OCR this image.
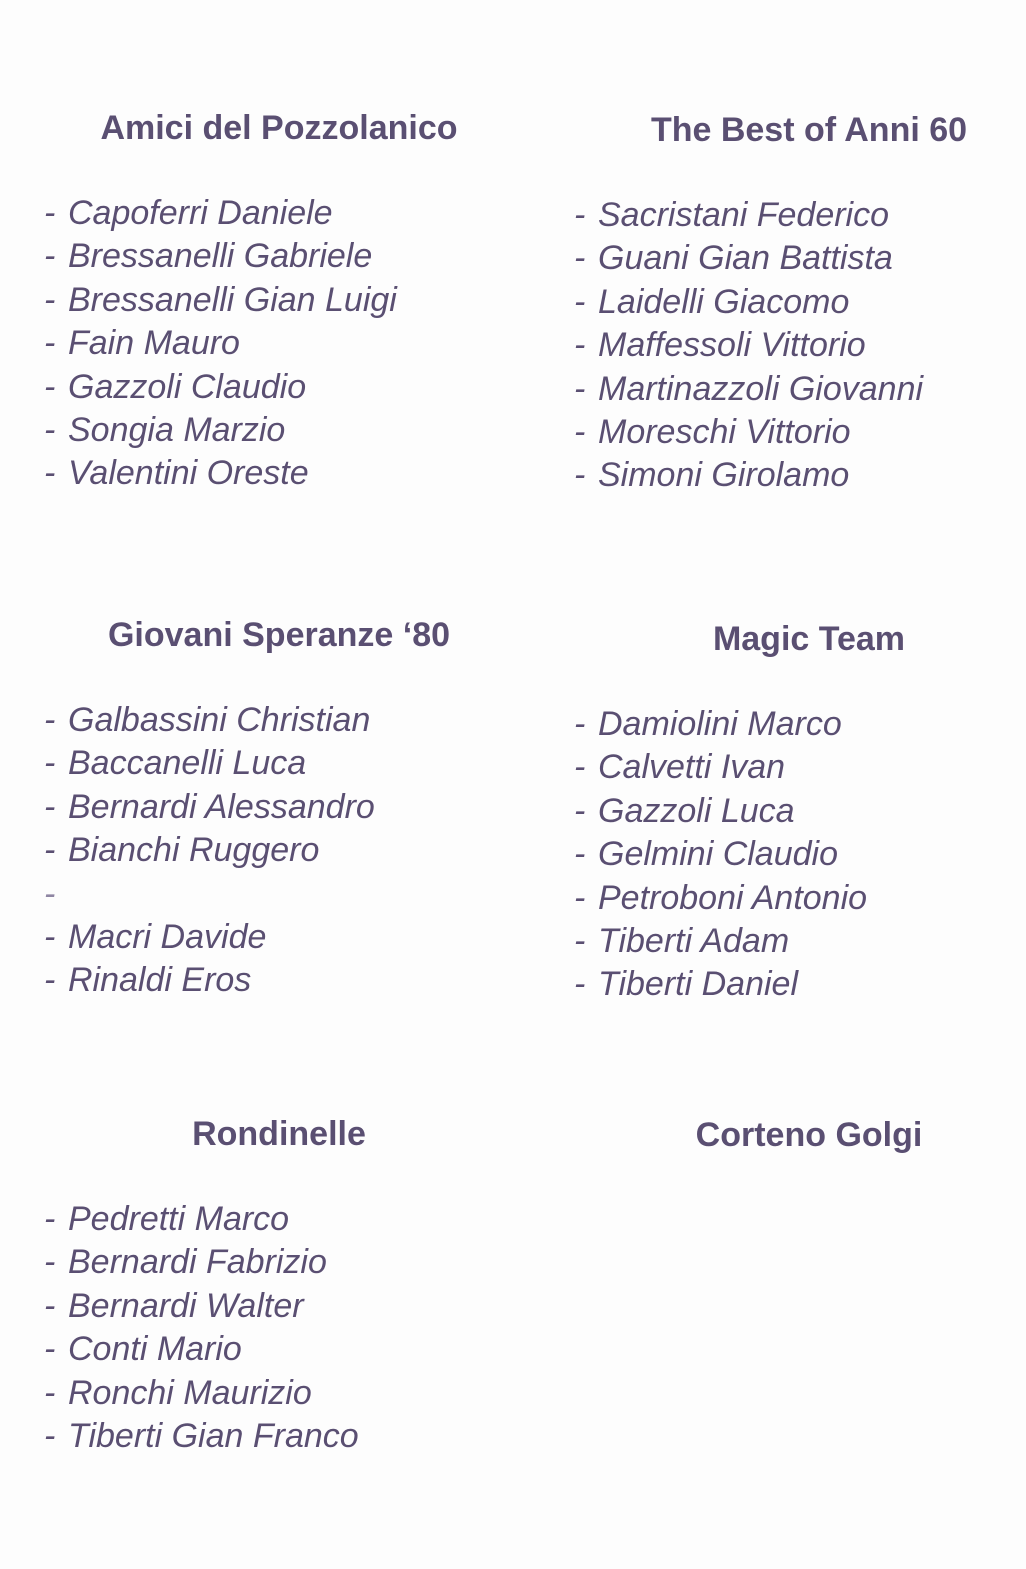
Amici del Pozzolanico
- Capoferri Daniele
- Bressanelli Gabriele
- Bressanelli Gian Luigi
- Fain Mauro
- Gazzoli Claudio
- Songia Marzio
- Valentini Oreste
The Best of Anni 60
- Sacristani Federico
- Guani Gian Battista
- Laidelli Giacomo
- Maffessoli Vittorio
- Martinazzoli Giovanni
- Moreschi Vittorio
- Simoni Girolamo
Giovani Speranze ‘80
- Galbassini Christian
- Baccanelli Luca
- Bernardi Alessandro
- Bianchi Ruggero
-
- Macri Davide
- Rinaldi Eros
Magic Team
- Damiolini Marco
- Calvetti Ivan
- Gazzoli Luca
- Gelmini Claudio
- Petroboni Antonio
- Tiberti Adam
- Tiberti Daniel
Rondinelle
- Pedretti Marco
- Bernardi Fabrizio
- Bernardi Walter
- Conti Mario
- Ronchi Maurizio
- Tiberti Gian Franco
Corteno Golgi
